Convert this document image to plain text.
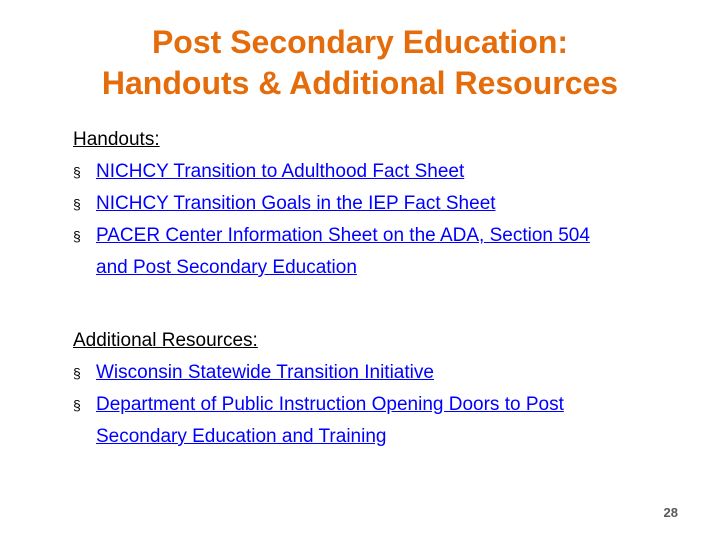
Post Secondary Education:
Handouts & Additional Resources
Handouts:
§ NICHCY Transition to Adulthood Fact Sheet
§ NICHCY Transition Goals in the IEP Fact Sheet
§ PACER Center Information Sheet on the ADA, Section 504
and Post Secondary Education
Additional Resources:
§ Wisconsin Statewide Transition Initiative
§ Department of Public Instruction Opening Doors to Post
Secondary Education and Training
28
